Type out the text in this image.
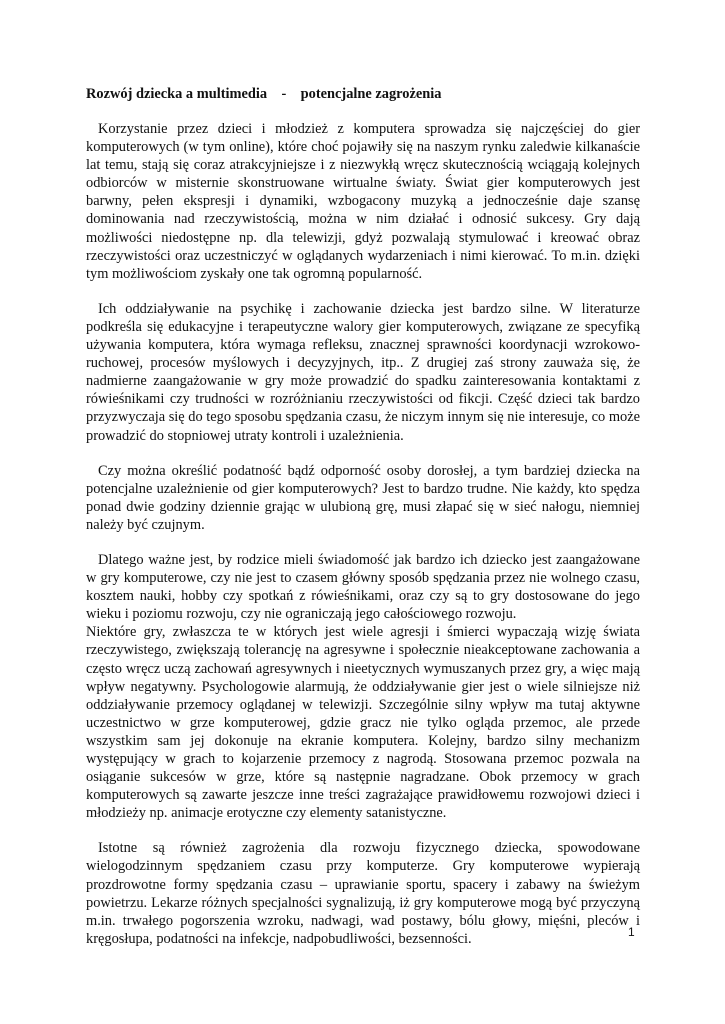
Rozwój dziecka a multimedia    -    potencjalne zagrożenia

Korzystanie przez dzieci i młodzież z komputera sprowadza się najczęściej do gier komputerowych (w tym online), które choć pojawiły się na naszym rynku zaledwie kilkanaście lat temu, stają się coraz atrakcyjniejsze i z niezwykłą wręcz skutecznością wciągają kolejnych odbiorców w misternie skonstruowane wirtualne światy. Świat gier komputerowych jest barwny, pełen ekspresji i dynamiki, wzbogacony muzyką a jednocześnie daje szansę dominowania nad rzeczywistością, można w nim działać i odnosić sukcesy. Gry dają możliwości niedostępne np. dla telewizji, gdyż pozwalają stymulować i kreować obraz rzeczywistości oraz uczestniczyć w oglądanych wydarzeniach i nimi kierować. To m.in. dzięki tym możliwościom zyskały one tak ogromną popularność.

Ich oddziaływanie na psychikę i zachowanie dziecka jest bardzo silne. W literaturze podkreśla się edukacyjne i terapeutyczne walory gier komputerowych, związane ze specyfiką używania komputera, która wymaga refleksu, znacznej sprawności koordynacji wzrokowo-ruchowej, procesów myślowych i decyzyjnych, itp.. Z drugiej zaś strony zauważa się, że nadmierne zaangażowanie w gry może prowadzić do spadku zainteresowania kontaktami z rówieśnikami czy trudności w rozróżnianiu rzeczywistości od fikcji. Część dzieci tak bardzo przyzwyczaja się do tego sposobu spędzania czasu, że niczym innym się nie interesuje, co może prowadzić do stopniowej utraty kontroli i uzależnienia.

Czy można określić podatność bądź odporność osoby dorosłej, a tym bardziej dziecka na potencjalne uzależnienie od gier komputerowych? Jest to bardzo trudne. Nie każdy, kto spędza ponad dwie godziny dziennie grając w ulubioną grę, musi złapać się w sieć nałogu, niemniej należy być czujnym.

Dlatego ważne jest, by rodzice mieli świadomość jak bardzo ich dziecko jest zaangażowane w gry komputerowe, czy nie jest to czasem główny sposób spędzania przez nie wolnego czasu, kosztem nauki, hobby czy spotkań z rówieśnikami, oraz czy są to gry dostosowane do jego wieku i poziomu rozwoju, czy nie ograniczają jego całościowego rozwoju.

Niektóre gry, zwłaszcza te w których jest wiele agresji i śmierci wypaczają wizję świata rzeczywistego, zwiększają tolerancję na agresywne i społecznie nieakceptowane zachowania a często wręcz uczą zachowań agresywnych i nieetycznych wymuszanych przez gry, a więc mają wpływ negatywny. Psychologowie alarmują, że oddziaływanie gier jest o wiele silniejsze niż oddziaływanie przemocy oglądanej w telewizji. Szczególnie silny wpływ ma tutaj aktywne uczestnictwo w grze komputerowej, gdzie gracz nie tylko ogląda przemoc, ale przede wszystkim sam jej dokonuje na ekranie komputera. Kolejny, bardzo silny mechanizm występujący w grach to kojarzenie przemocy z nagrodą. Stosowana przemoc pozwala na osiąganie sukcesów w grze, które są następnie nagradzane. Obok przemocy w grach komputerowych są zawarte jeszcze inne treści zagrażające prawidłowemu rozwojowi dzieci i młodzieży np. animacje erotyczne czy elementy satanistyczne.

Istotne są również zagrożenia dla rozwoju fizycznego dziecka, spowodowane wielogodzinnym spędzaniem czasu przy komputerze. Gry komputerowe wypierają prozdrowotne formy spędzania czasu – uprawianie sportu, spacery i zabawy na świeżym powietrzu. Lekarze różnych specjalności sygnalizują, iż gry komputerowe mogą być przyczyną m.in. trwałego pogorszenia wzroku, nadwagi, wad postawy, bólu głowy, mięśni, pleców i kręgosłupa, podatności na infekcje, nadpobudliwości, bezsenności.	1
